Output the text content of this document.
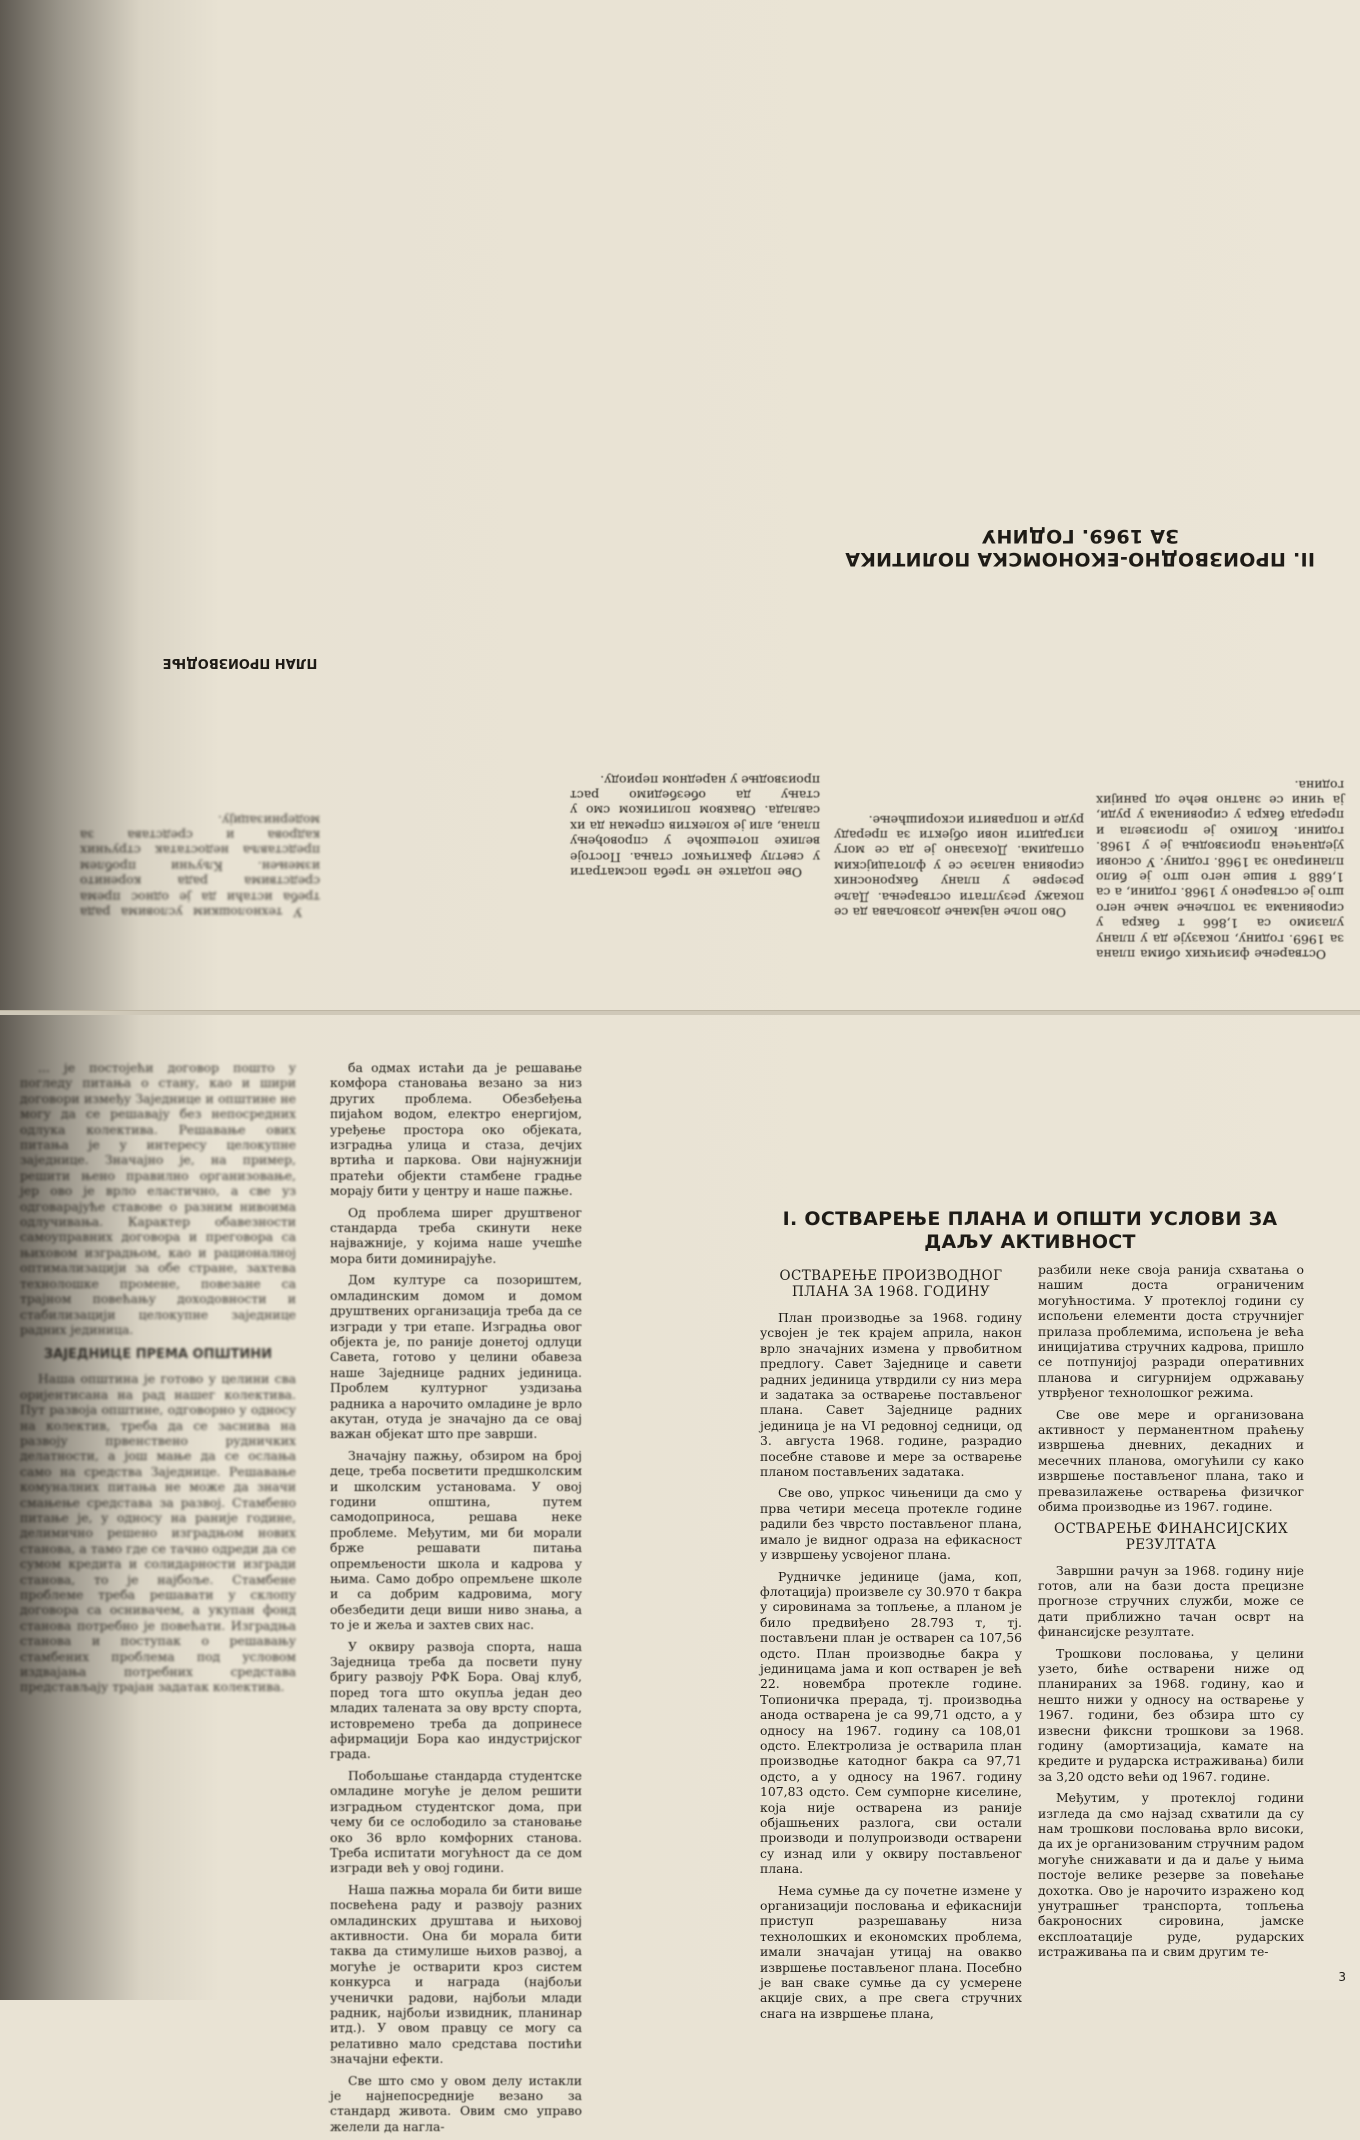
Остварење физичких обима плана за 1969. годину, показује да у плану улазимо са 1,866 т бакра у сировинама за топљење мање него што је остварено у 1968. години, а са 1,688 т више него што је било планирано за 1968. годину. У основи уједначена производња је у 1968. години. Колико је произвела и прерада бакра у сировинама у руди, ја чини се знатно веће од ранијих година.

Ово поље најмање дозвољава да се покажу резултати остварења. Даље резерве у плану бакроносних сировина налазе се у флотацијским отпадима. Доказано је да се могу изградити нови објекти за прераду руде и поправити искоришћење.

II. ПРОИЗВОДНО-ЕКОНОМСКА ПОЛИТИКА ЗА 1969. ГОДИНУ
ПЛАН ПРОИЗВОДЊЕ

Ове податке не треба посматрати у светлу фактичког стања. Постоје велике потешкоће у спровођењу плана, али је колектив спреман да их савлада. Оваквом политиком смо у стању да обезбедимо раст производње у наредном периоду.

У технолошким условима рада треба истаћи да је однос према средствима рада коренито измењен. Кључни проблем представља недостатак стручних кадрова и средстава за модернизацију.

... је постојећи договор пошто у погледу питања о стану, као и шири договори између Заједнице и општине не могу да се решавају без непосредних одлука колектива. Решавање ових питања је у интересу целокупне заједнице. Значајно је, на пример, решити њено правилно организовање, јер ово је врло еластично, а све уз одговарајуће ставове о разним нивоима одлучивања. Карактер обавезности самоуправних договора и преговора са њиховом изградњом, као и рационалној оптимализацији за обе стране, захтева технолошке промене, повезане са трајном повећању доходовности и стабилизацији целокупне заједнице радних јединица.

ЗАЈЕДНИЦЕ ПРЕМА ОПШТИНИ

Наша општина је готово у целини сва оријентисана на рад нашег колектива. Пут развоја општине, одговорно у односу на колектив, треба да се заснива на развоју првенствено рудничких делатности, а још мање да се ослања само на средства Заједнице. Решавање комуналних питања не може да значи смањење средстава за развој. Стамбено питање је, у односу на раније године, делимично решено изградњом нових станова, а тамо где се тачно одреди да се сумом кредита и солидарности изгради станова, то је најбоље. Стамбене проблеме треба решавати у склопу договора са оснивачем, а укупан фонд станова потребно је повећати. Изградња станова и поступак о решавању стамбених проблема под условом издвајања потребних средстава представљају трајан задатак колектива.

ба одмах истаћи да је решавање комфора становања везано за низ других проблема. Обезбеђења пијаћом водом, електро енергијом, уређење простора око објеката, изградња улица и стаза, дечјих вртића и паркова. Ови најнужнији пратећи објекти стамбене градње морају бити у центру и наше пажње.

Од проблема ширег друштвеног стандарда треба скинути неке најважније, у којима наше учешће мора бити доминирајуће.

Дом културе са позориштем, омладинским домом и домом друштвених организација треба да се изгради у три етапе. Изградња овог објекта је, по раније донетој одлуци Савета, готово у целини обавеза наше Заједнице радних јединица. Проблем културног уздизања радника а нарочито омладине је врло акутан, отуда је значајно да се овај важан објекат што пре заврши.

Значајну пажњу, обзиром на број деце, треба посветити предшколским и школским установама. У овој години општина, путем самодоприноса, решава неке проблеме. Међутим, ми би морали брже решавати питања опремљености школа и кадрова у њима. Само добро опремљене школе и са добрим кадровима, могу обезбедити деци виши ниво знања, а то је и жеља и захтев свих нас.

У оквиру развоја спорта, наша Заједница треба да посвети пуну бригу развоју РФК Бора. Овај клуб, поред тога што окупља један део младих талената за ову врсту спорта, истовремено треба да допринесе афирмацији Бора као индустријског града.

Побољшање стандарда студентске омладине могуће је делом решити изградњом студентског дома, при чему би се ослободило за становање око 36 врло комфорних станова. Треба испитати могућност да се дом изгради већ у овој години.

Наша пажња морала би бити више посвећена раду и развоју разних омладинских друштава и њиховој активности. Она би морала бити таква да стимулише њихов развој, а могуће је остварити кроз систем конкурса и награда (најбољи ученички радови, најбољи млади радник, најбољи извидник, планинар итд.). У овом правцу се могу са релативно мало средстава постићи значајни ефекти.

Све што смо у овом делу истакли је најнепосредније везано за стандард живота. Овим смо управо желели да нагла-

I. ОСТВАРЕЊЕ ПЛАНА И ОПШТИ УСЛОВИ ЗА ДАЉУ АКТИВНОСТ
ОСТВАРЕЊЕ ПРОИЗВОДНОГ ПЛАНА ЗА 1968. ГОДИНУ

План производње за 1968. годину усвојен је тек крајем априла, након врло значајних измена у првобитном предлогу. Савет Заједнице и савети радних јединица утврдили су низ мера и задатака за остварење постављеног плана. Савет Заједнице радних јединица је на VI редовној седници, од 3. августа 1968. године, разрадио посебне ставове и мере за остварење планом постављених задатака.

Све ово, упркос чињеници да смо у прва четири месеца протекле године радили без чврсто постављеног плана, имало је видног одраза на ефикасност у извршењу усвојеног плана.

Рудничке јединице (јама, коп, флотација) произвеле су 30.970 т бакра у сировинама за топљење, а планом је било предвиђено 28.793 т, тј. постављени план је остварен са 107,56 одсто. План производње бакра у јединицама јама и коп остварен је већ 22. новембра протекле године. Топионичка прерада, тј. производња анода остварена је са 99,71 одсто, а у односу на 1967. годину са 108,01 одсто. Електролиза је остварила план производње катодног бакра са 97,71 одсто, а у односу на 1967. годину 107,83 одсто. Сем сумпорне киселине, која није остварена из раније објашњених разлога, сви остали производи и полупроизводи остварени су изнад или у оквиру постављеног плана.

Нема сумње да су почетне измене у организацији пословања и ефикаснији приступ разрешавању низа технолошких и економских проблема, имали значајан утицај на овакво извршење постављеног плана. Посебно је ван сваке сумње да су усмерене акције свих, а пре свега стручних снага на извршење плана,

разбили неке своја ранија схватања о нашим доста ограниченим могућностима. У протеклој години су испољени елементи доста стручнијег прилаза проблемима, испољена је већа иницијатива стручних кадрова, пришло се потпунијој разради оперативних планова и сигурнијем одржавању утврђеног технолошког режима.

Све ове мере и организована активност у перманентном праћењу извршења дневних, декадних и месечних планова, омогућили су како извршење постављеног плана, тако и превазилажење остварења физичког обима производње из 1967. године.

ОСТВАРЕЊЕ ФИНАНСИЈСКИХ РЕЗУЛТАТА

Завршни рачун за 1968. годину није готов, али на бази доста прецизне прогнозе стручних служби, може се дати приближно тачан осврт на финансијске резултате.

Трошкови пословања, у целини узето, биће остварени ниже од планираних за 1968. годину, као и нешто нижи у односу на остварење у 1967. години, без обзира што су извесни фиксни трошкови за 1968. годину (амортизација, камате на кредите и рударска истраживања) били за 3,20 одсто већи од 1967. године.

Међутим, у протеклој години изгледа да смо најзад схватили да су нам трошкови пословања врло високи, да их је организованим стручним радом могуће снижавати и да и даље у њима постоје велике резерве за повећање дохотка. Ово је нарочито изражено код унутрашњег транспорта, топљења бакроносних сировина, јамске експлоатације руде, рударских истраживања па и свим другим те-

3
